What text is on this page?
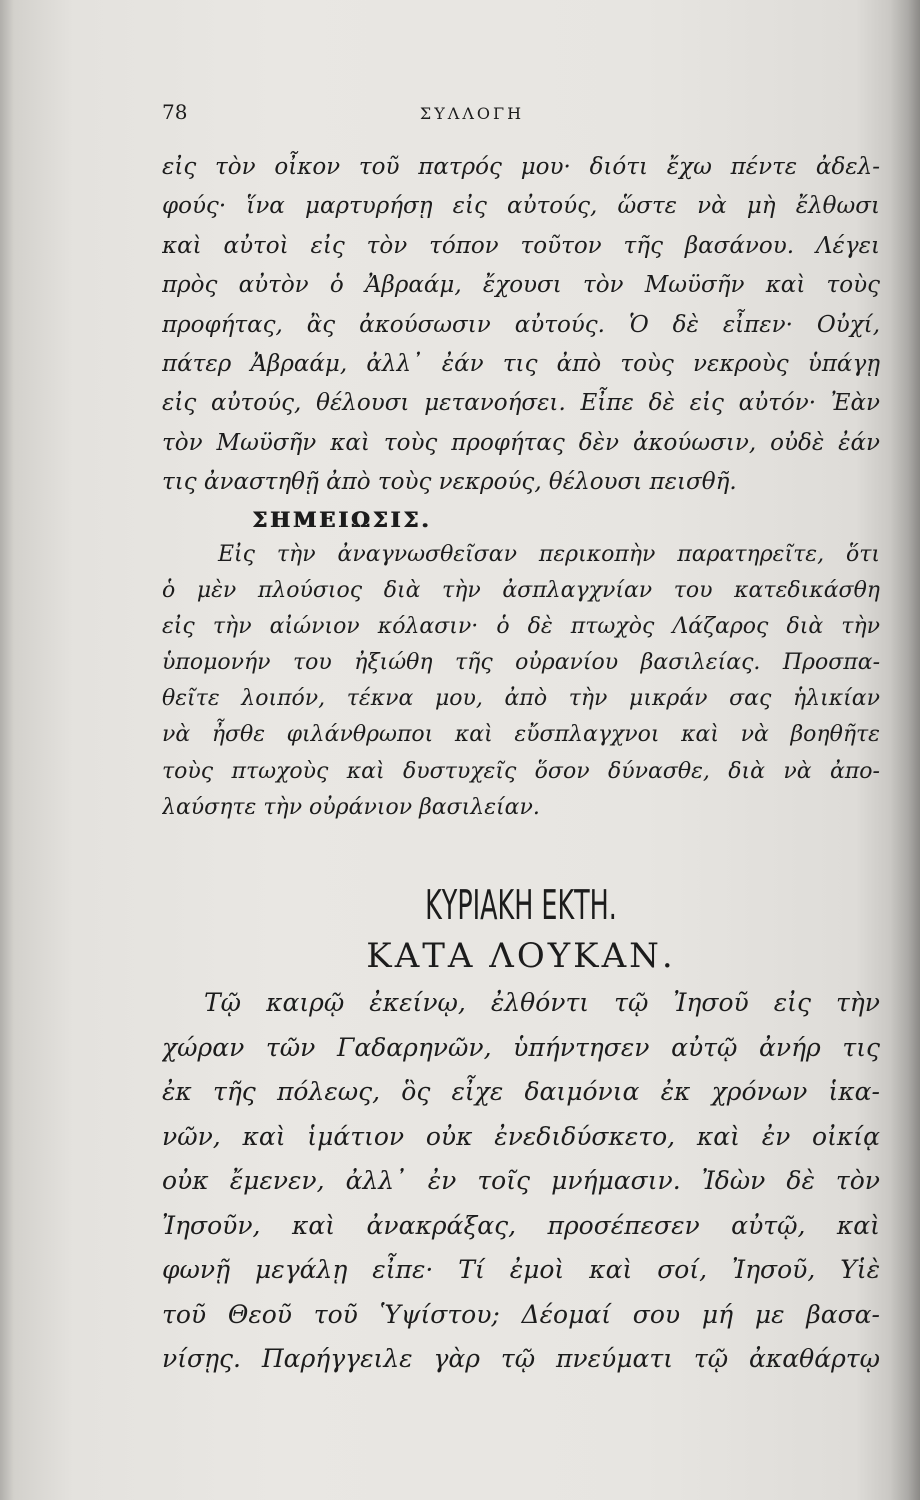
78	ΣΥΛΛΟΓΗ
εἰς τὸν οἶκον τοῦ πατρός μου· διότι ἔχω πέντε ἀδελ-
φούς· ἵνα μαρτυρήσῃ εἰς αὐτούς, ὥστε νὰ μὴ ἔλθωσι
καὶ αὐτοὶ εἰς τὸν τόπον τοῦτον τῆς βασάνου. Λέγει
πρὸς αὐτὸν ὁ Ἀβραάμ, ἔχουσι τὸν Μωϋσῆν καὶ τοὺς
προφήτας, ἂς ἀκούσωσιν αὐτούς. Ὁ δὲ εἶπεν· Οὐχί,
πάτερ Ἀβραάμ, ἀλλ᾽ ἐάν τις ἀπὸ τοὺς νεκροὺς ὑπάγῃ
εἰς αὐτούς, θέλουσι μετανοήσει. Εἶπε δὲ εἰς αὐτόν· Ἐὰν
τὸν Μωϋσῆν καὶ τοὺς προφήτας δὲν ἀκούωσιν, οὐδὲ ἐάν
τις ἀναστηθῇ ἀπὸ τοὺς νεκρούς, θέλουσι πεισθῆ.
ΣΗΜΕΙΩΣΙΣ.
Εἰς τὴν ἀναγνωσθεῖσαν περικοπὴν παρατηρεῖτε, ὅτι
ὁ μὲν πλούσιος διὰ τὴν ἀσπλαγχνίαν του κατεδικάσθη
εἰς τὴν αἰώνιον κόλασιν· ὁ δὲ πτωχὸς Λάζαρος διὰ τὴν
ὑπομονήν του ἠξιώθη τῆς οὐρανίου βασιλείας. Προσπα-
θεῖτε λοιπόν, τέκνα μου, ἀπὸ τὴν μικράν σας ἡλικίαν
νὰ ἦσθε φιλάνθρωποι καὶ εὔσπλαγχνοι καὶ νὰ βοηθῆτε
τοὺς πτωχοὺς καὶ δυστυχεῖς ὅσον δύνασθε, διὰ νὰ ἀπο-
λαύσητε τὴν οὐράνιον βασιλείαν.
ΚΥΡΙΑΚΗ ΕΚΤΗ.
ΚΑΤΑ ΛΟΥΚΑΝ.
Τῷ καιρῷ ἐκείνῳ, ἐλθόντι τῷ Ἰησοῦ εἰς τὴν
χώραν τῶν Γαδαρηνῶν, ὑπήντησεν αὐτῷ ἀνήρ τις
ἐκ τῆς πόλεως, ὃς εἶχε δαιμόνια ἐκ χρόνων ἱκα-
νῶν, καὶ ἱμάτιον οὐκ ἐνεδιδύσκετο, καὶ ἐν οἰκίᾳ
οὐκ ἔμενεν, ἀλλ᾽ ἐν τοῖς μνήμασιν. Ἰδὼν δὲ τὸν
Ἰησοῦν, καὶ ἀνακράξας, προσέπεσεν αὐτῷ, καὶ
φωνῇ μεγάλῃ εἶπε· Τί ἐμοὶ καὶ σοί, Ἰησοῦ, Υἱὲ
τοῦ Θεοῦ τοῦ Ὑψίστου; Δέομαί σου μή με βασα-
νίσῃς. Παρήγγειλε γὰρ τῷ πνεύματι τῷ ἀκαθάρτῳ
